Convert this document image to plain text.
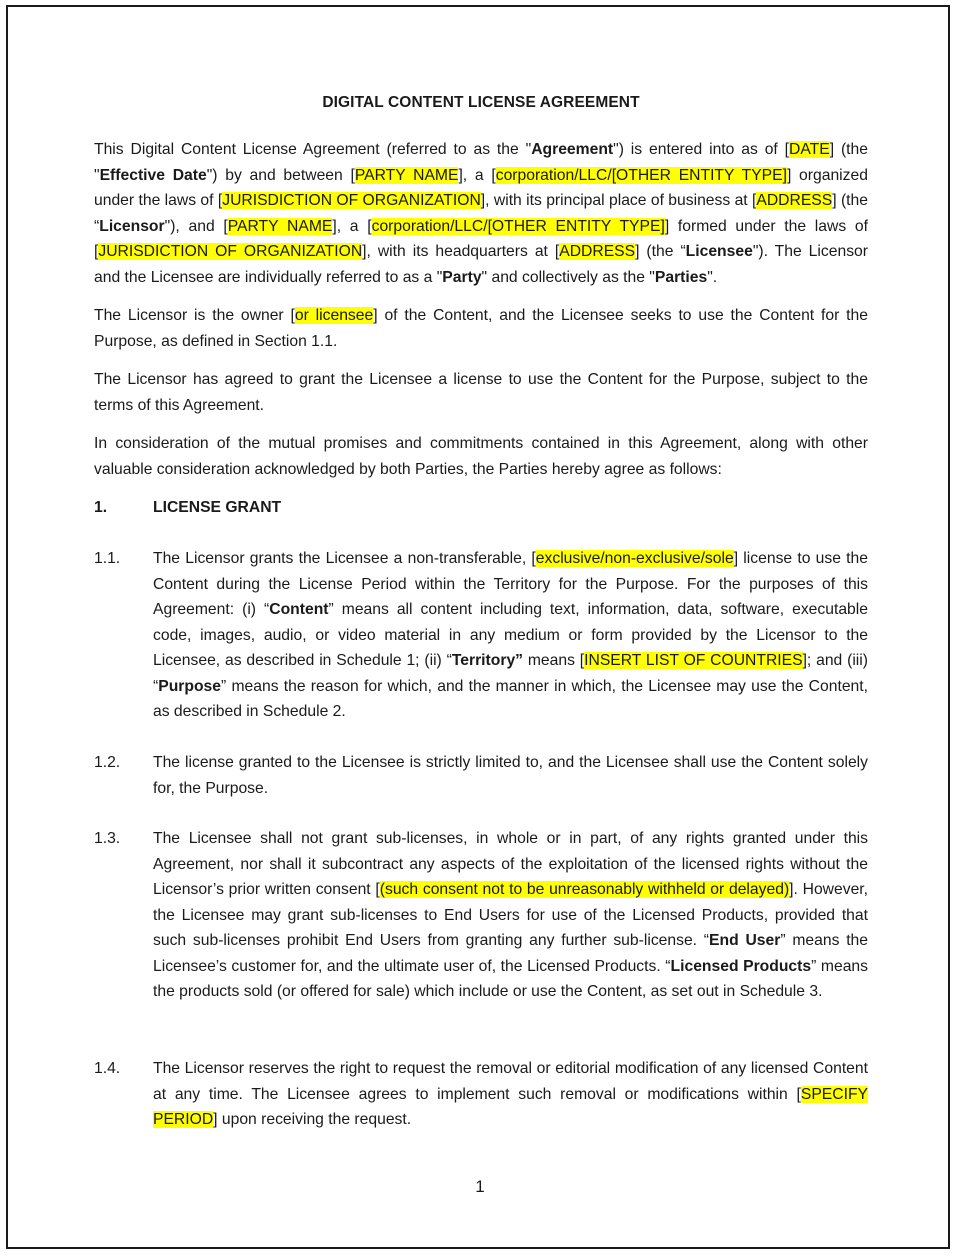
DIGITAL CONTENT LICENSE AGREEMENT

This Digital Content License Agreement (referred to as the "Agreement") is entered into as of [DATE] (the "Effective Date") by and between [PARTY NAME], a [corporation/LLC/[OTHER ENTITY TYPE]] organized under the laws of [JURISDICTION OF ORGANIZATION], with its principal place of business at [ADDRESS] (the “Licensor"), and [PARTY NAME], a [corporation/LLC/[OTHER ENTITY TYPE]] formed under the laws of [JURISDICTION OF ORGANIZATION], with its headquarters at [ADDRESS] (the “Licensee"). The Licensor and the Licensee are individually referred to as a "Party" and collectively as the "Parties".

The Licensor is the owner [or licensee] of the Content, and the Licensee seeks to use the Content for the Purpose, as defined in Section 1.1.

The Licensor has agreed to grant the Licensee a license to use the Content for the Purpose, subject to the terms of this Agreement.

In consideration of the mutual promises and commitments contained in this Agreement, along with other valuable consideration acknowledged by both Parties, the Parties hereby agree as follows:

1.	LICENSE GRANT
1.1. The Licensor grants the Licensee a non-transferable, [exclusive/non-exclusive/sole] license to use the Content during the License Period within the Territory for the Purpose. For the purposes of this Agreement: (i) “Content” means all content including text, information, data, software, executable code, images, audio, or video material in any medium or form provided by the Licensor to the Licensee, as described in Schedule 1; (ii) “Territory” means [INSERT LIST OF COUNTRIES]; and (iii) “Purpose” means the reason for which, and the manner in which, the Licensee may use the Content, as described in Schedule 2.

1.2. The license granted to the Licensee is strictly limited to, and the Licensee shall use the Content solely for, the Purpose.

1.3. The Licensee shall not grant sub-licenses, in whole or in part, of any rights granted under this Agreement, nor shall it subcontract any aspects of the exploitation of the licensed rights without the Licensor’s prior written consent [(such consent not to be unreasonably withheld or delayed)]. However, the Licensee may grant sub-licenses to End Users for use of the Licensed Products, provided that such sub-licenses prohibit End Users from granting any further sub-license. “End User” means the Licensee’s customer for, and the ultimate user of, the Licensed Products. “Licensed Products” means the products sold (or offered for sale) which include or use the Content, as set out in Schedule 3.

1.4. The Licensor reserves the right to request the removal or editorial modification of any licensed Content at any time. The Licensee agrees to implement such removal or modifications within [SPECIFY PERIOD] upon receiving the request.

1
